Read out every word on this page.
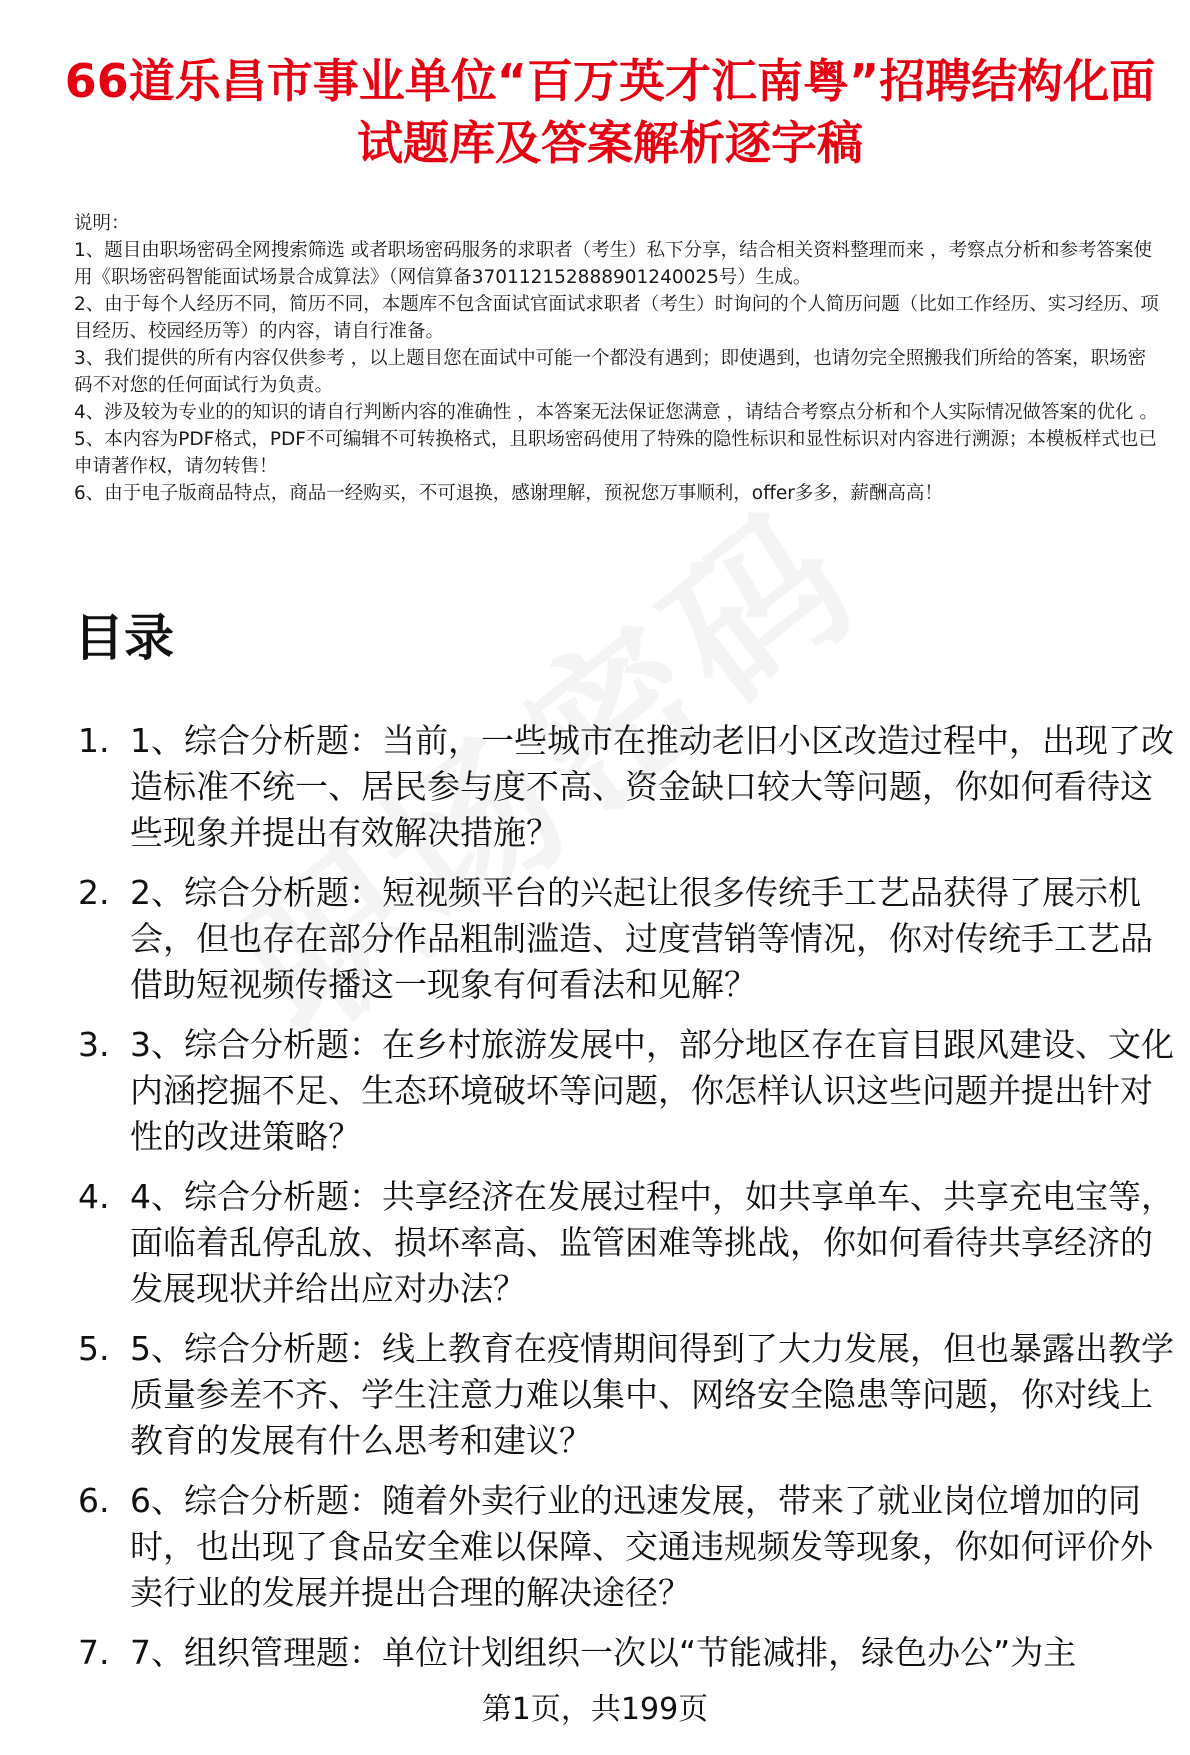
66道乐昌市事业单位“百万英才汇南粤”招聘结构化面试题库及答案解析逐字稿

说明：

1、题目由职场密码全网搜索筛选 或者职场密码服务的求职者（考生）私下分享，结合相关资料整理而来 ，考察点分析和参考答案使用《职场密码智能面试场景合成算法》（网信算备370112152888901240025号）生成。

2、由于每个人经历不同，简历不同，本题库不包含面试官面试求职者（考生）时询问的个人简历问题（比如工作经历、实习经历、项目经历、校园经历等）的内容，请自行准备。

3、我们提供的所有内容仅供参考 ，以上题目您在面试中可能一个都没有遇到；即使遇到，也请勿完全照搬我们所给的答案，职场密码不对您的任何面试行为负责。

4、涉及较为专业的的知识的请自行判断内容的准确性 ，本答案无法保证您满意 ，请结合考察点分析和个人实际情况做答案的优化 。

5、本内容为PDF格式，PDF不可编辑不可转换格式，且职场密码使用了特殊的隐性标识和显性标识对内容进行溯源；本模板样式也已申请著作权，请勿转售！

6、由于电子版商品特点，商品一经购买，不可退换，感谢理解，预祝您万事顺利，offer多多，薪酬高高！

目录
1. 1、综合分析题：当前，一些城市在推动老旧小区改造过程中，出现了改造标准不统一、居民参与度不高、资金缺口较大等问题，你如何看待这些现象并提出有效解决措施？
2. 2、综合分析题：短视频平台的兴起让很多传统手工艺品获得了展示机会，但也存在部分作品粗制滥造、过度营销等情况，你对传统手工艺品借助短视频传播这一现象有何看法和见解？
3. 3、综合分析题：在乡村旅游发展中，部分地区存在盲目跟风建设、文化内涵挖掘不足、生态环境破坏等问题，你怎样认识这些问题并提出针对性的改进策略？
4. 4、综合分析题：共享经济在发展过程中，如共享单车、共享充电宝等，面临着乱停乱放、损坏率高、监管困难等挑战，你如何看待共享经济的发展现状并给出应对办法？
5. 5、综合分析题：线上教育在疫情期间得到了大力发展，但也暴露出教学质量参差不齐、学生注意力难以集中、网络安全隐患等问题，你对线上教育的发展有什么思考和建议？
6. 6、综合分析题：随着外卖行业的迅速发展，带来了就业岗位增加的同时，也出现了食品安全难以保障、交通违规频发等现象，你如何评价外卖行业的发展并提出合理的解决途径？
7. 7、组织管理题：单位计划组织一次以“节能减排，绿色办公”为主
第1页，共199页
